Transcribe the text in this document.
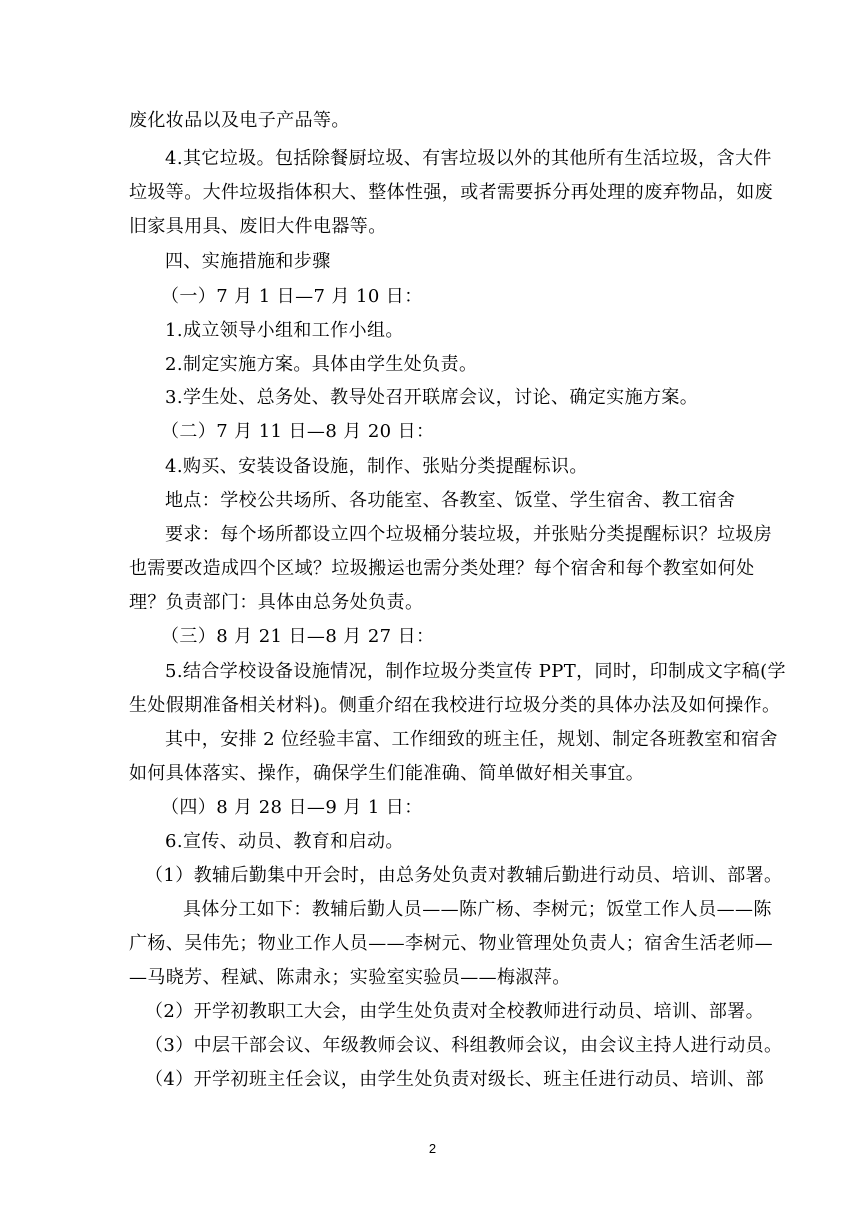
废化妆品以及电子产品等。
4.其它垃圾。包括除餐厨垃圾、有害垃圾以外的其他所有生活垃圾，含大件
垃圾等。大件垃圾指体积大、整体性强，或者需要拆分再处理的废弃物品，如废
旧家具用具、废旧大件电器等。
四、实施措施和步骤
（一）7 月 1 日—7 月 10 日：
1.成立领导小组和工作小组。
2.制定实施方案。具体由学生处负责。
3.学生处、总务处、教导处召开联席会议，讨论、确定实施方案。
（二）7 月 11 日—8 月 20 日：
4.购买、安装设备设施，制作、张贴分类提醒标识。
地点：学校公共场所、各功能室、各教室、饭堂、学生宿舍、教工宿舍
要求：每个场所都设立四个垃圾桶分装垃圾，并张贴分类提醒标识？垃圾房
也需要改造成四个区域？垃圾搬运也需分类处理？每个宿舍和每个教室如何处
理？负责部门：具体由总务处负责。
（三）8 月 21 日—8 月 27 日：
5.结合学校设备设施情况，制作垃圾分类宣传 PPT，同时，印制成文字稿(学
生处假期准备相关材料)。侧重介绍在我校进行垃圾分类的具体办法及如何操作。
其中，安排 2 位经验丰富、工作细致的班主任，规划、制定各班教室和宿舍
如何具体落实、操作，确保学生们能准确、简单做好相关事宜。
（四）8 月 28 日—9 月 1 日：
6.宣传、动员、教育和启动。
（1）教辅后勤集中开会时，由总务处负责对教辅后勤进行动员、培训、部署。
具体分工如下：教辅后勤人员——陈广杨、李树元；饭堂工作人员——陈
广杨、吴伟先；物业工作人员——李树元、物业管理处负责人；宿舍生活老师—
—马晓芳、程斌、陈肃永；实验室实验员——梅淑萍。
（2）开学初教职工大会，由学生处负责对全校教师进行动员、培训、部署。
（3）中层干部会议、年级教师会议、科组教师会议，由会议主持人进行动员。
（4）开学初班主任会议，由学生处负责对级长、班主任进行动员、培训、部
2
